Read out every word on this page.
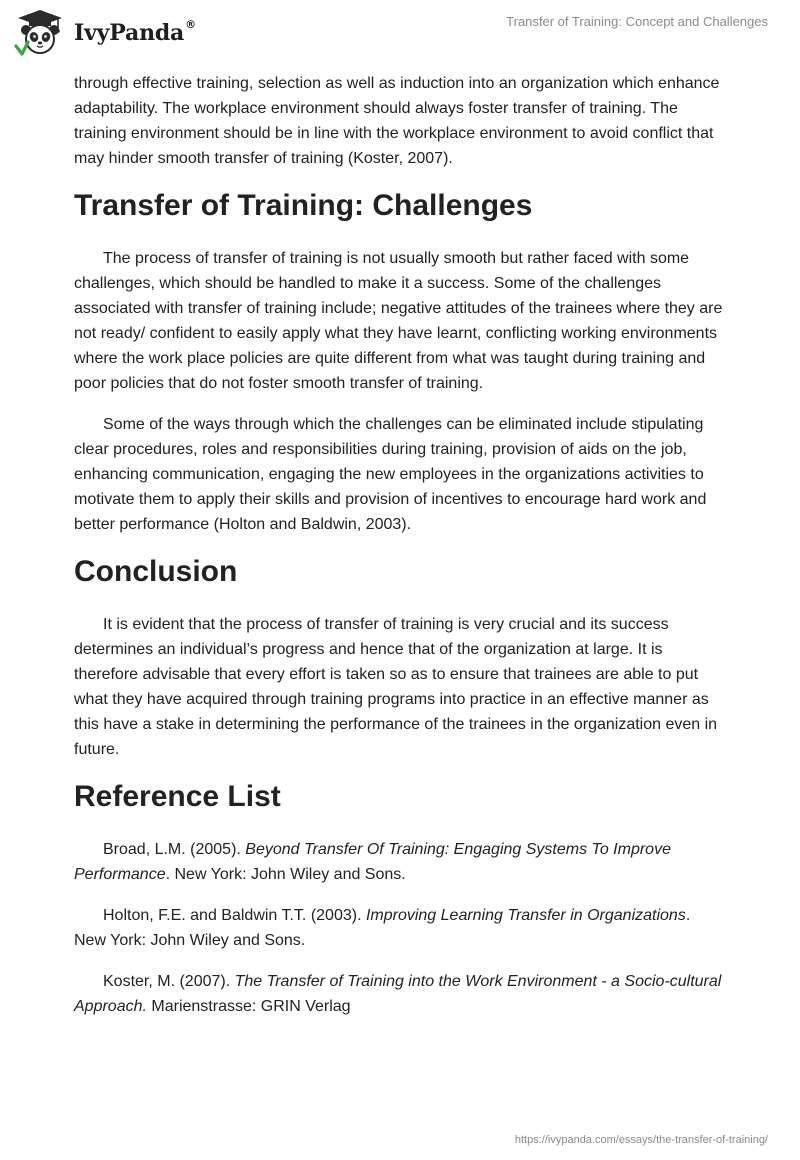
IvyPanda®	Transfer of Training: Concept and Challenges

through effective training, selection as well as induction into an organization which enhance adaptability. The workplace environment should always foster transfer of training. The training environment should be in line with the workplace environment to avoid conflict that may hinder smooth transfer of training (Koster, 2007).

Transfer of Training: Challenges

The process of transfer of training is not usually smooth but rather faced with some challenges, which should be handled to make it a success. Some of the challenges associated with transfer of training include; negative attitudes of the trainees where they are not ready/ confident to easily apply what they have learnt, conflicting working environments where the work place policies are quite different from what was taught during training and poor policies that do not foster smooth transfer of training.

Some of the ways through which the challenges can be eliminated include stipulating clear procedures, roles and responsibilities during training, provision of aids on the job, enhancing communication, engaging the new employees in the organizations activities to motivate them to apply their skills and provision of incentives to encourage hard work and better performance (Holton and Baldwin, 2003).

Conclusion

It is evident that the process of transfer of training is very crucial and its success determines an individual’s progress and hence that of the organization at large. It is therefore advisable that every effort is taken so as to ensure that trainees are able to put what they have acquired through training programs into practice in an effective manner as this have a stake in determining the performance of the trainees in the organization even in future.

Reference List

Broad, L.M. (2005). Beyond Transfer Of Training: Engaging Systems To Improve Performance. New York: John Wiley and Sons.

Holton, F.E. and Baldwin T.T. (2003). Improving Learning Transfer in Organizations. New York: John Wiley and Sons.

Koster, M. (2007). The Transfer of Training into the Work Environment - a Socio-cultural Approach. Marienstrasse: GRIN Verlag

https://ivypanda.com/essays/the-transfer-of-training/
